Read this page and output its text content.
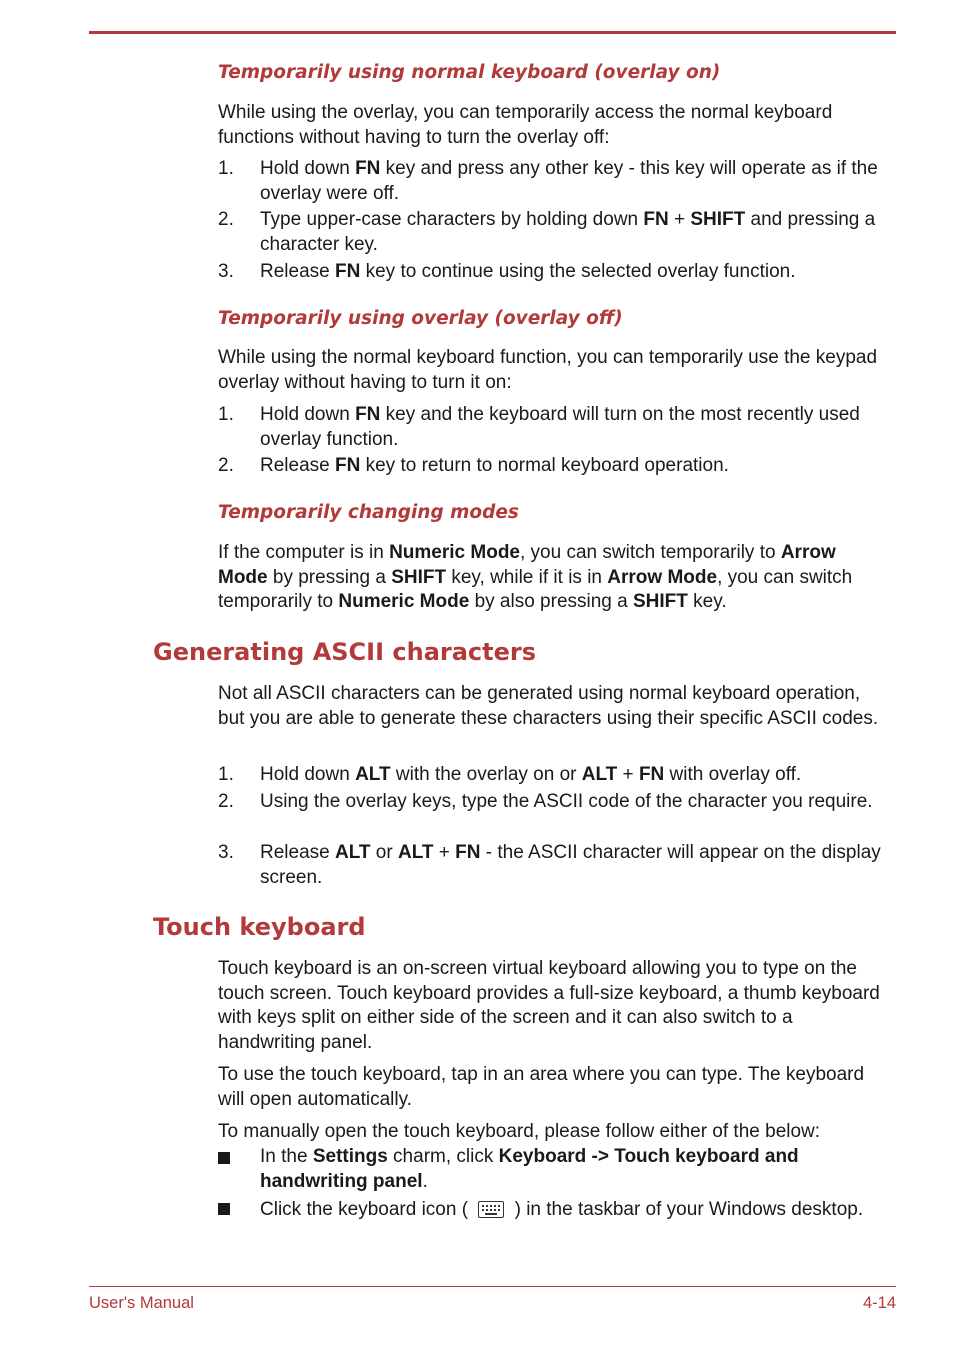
Temporarily using normal keyboard (overlay on)

While using the overlay, you can temporarily access the normal keyboard functions without having to turn the overlay off:

1. Hold down FN key and press any other key - this key will operate as if the overlay were off.
2. Type upper-case characters by holding down FN + SHIFT and pressing a character key.
3. Release FN key to continue using the selected overlay function.
Temporarily using overlay (overlay off)

While using the normal keyboard function, you can temporarily use the keypad overlay without having to turn it on:

1. Hold down FN key and the keyboard will turn on the most recently used overlay function.
2. Release FN key to return to normal keyboard operation.
Temporarily changing modes

If the computer is in Numeric Mode, you can switch temporarily to Arrow Mode by pressing a SHIFT key, while if it is in Arrow Mode, you can switch temporarily to Numeric Mode by also pressing a SHIFT key.

Generating ASCII characters

Not all ASCII characters can be generated using normal keyboard operation, but you are able to generate these characters using their specific ASCII codes.

1. Hold down ALT with the overlay on or ALT + FN with overlay off.
2. Using the overlay keys, type the ASCII code of the character you require.
3. Release ALT or ALT + FN - the ASCII character will appear on the display screen.
Touch keyboard

Touch keyboard is an on-screen virtual keyboard allowing you to type on the touch screen. Touch keyboard provides a full-size keyboard, a thumb keyboard with keys split on either side of the screen and it can also switch to a handwriting panel.

To use the touch keyboard, tap in an area where you can type. The keyboard will open automatically.

To manually open the touch keyboard, please follow either of the below:

In the Settings charm, click Keyboard -> Touch keyboard and handwriting panel.
Click the keyboard icon (  ) in the taskbar of your Windows desktop.
User's Manual	4-14
